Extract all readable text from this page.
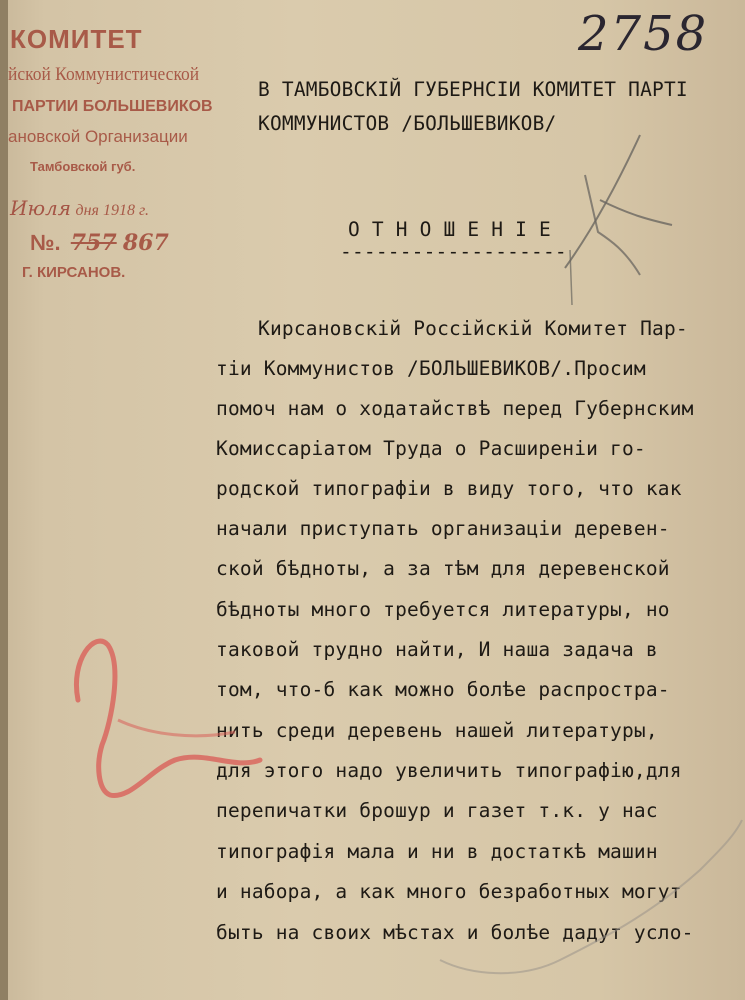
КОМИТЕТ
йской Коммунистической
ПАРТИИ БОЛЬШЕВИКОВ
ановской Организации
Тамбовской губ.
Июля дня 1918 г.
№. 757 867
Г. КИРСАНОВ.
2758
В ТАМБОВСКІЙ ГУБЕРНСІИ КОМИТЕТ ПАРТІ
КОММУНИСТОВ /БОЛЬШЕВИКОВ/
О Т Н О Ш Е Н І Е
-------------------
Кирсановскій Россійскій Комитет Пар-
тіи Коммунистов /БОЛЬШЕВИКОВ/.Просим
помоч нам о ходатайствѣ перед Губернским
Комиссаріатом Труда о Расширеніи го-
родской типографіи в виду того, что как
начали приступать организаціи деревен-
ской бѣдноты, а за тѣм для деревенской
бѣдноты много требуется литературы, но
таковой трудно найти, И наша задача в
том, что-б как можно болѣе распростра-
нить среди деревень нашей литературы,
для этого надо увеличить типографію,для
перепичатки брошур и газет т.к. у нас
типографія мала и ни в достаткѣ машин
и набора, а как много безработных могут
быть на своих мѣстах и болѣе дадут усло-
